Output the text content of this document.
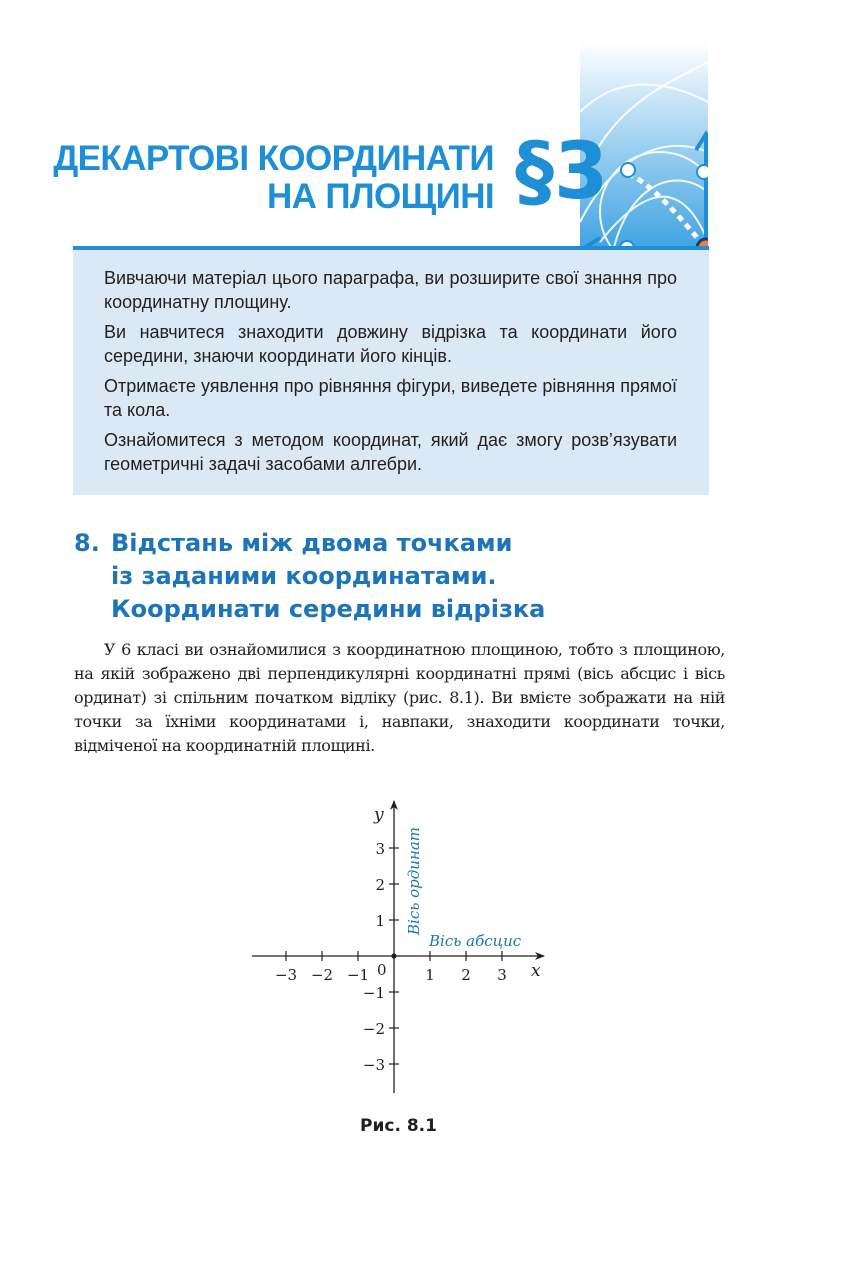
ДЕКАРТОВІ КООРДИНАТИ
НА ПЛОЩИНІ §3

Вивчаючи матеріал цього параграфа, ви розширите свої знання про координатну площину.

Ви навчитеся знаходити довжину відрізка та координати його середини, знаючи координати його кінців.

Отримаєте уявлення про рівняння фігури, виведете рівняння прямої та кола.

Ознайомитеся з методом координат, який дає змогу розв’язувати геометричні задачі засобами алгебри.

8. Відстань між двома точками
із заданими координатами.
Координати середини відрізка

У 6 класі ви ознайомилися з координатною площиною, тобто з площиною, на якій зображено дві перпендикулярні координатні прямі (вісь абсцис і вісь ординат) зі спільним початком відліку (рис. 8.1). Ви вмієте зображати на ній точки за їхніми координатами і, навпаки, знаходити координати точки, відміченої на координатній площині.

−3 −2 −1	1 2 3
−3
−2
−1
1
2
3
0	x
y
Вісь абсцис
Вісь ординат
Рис. 8.1
